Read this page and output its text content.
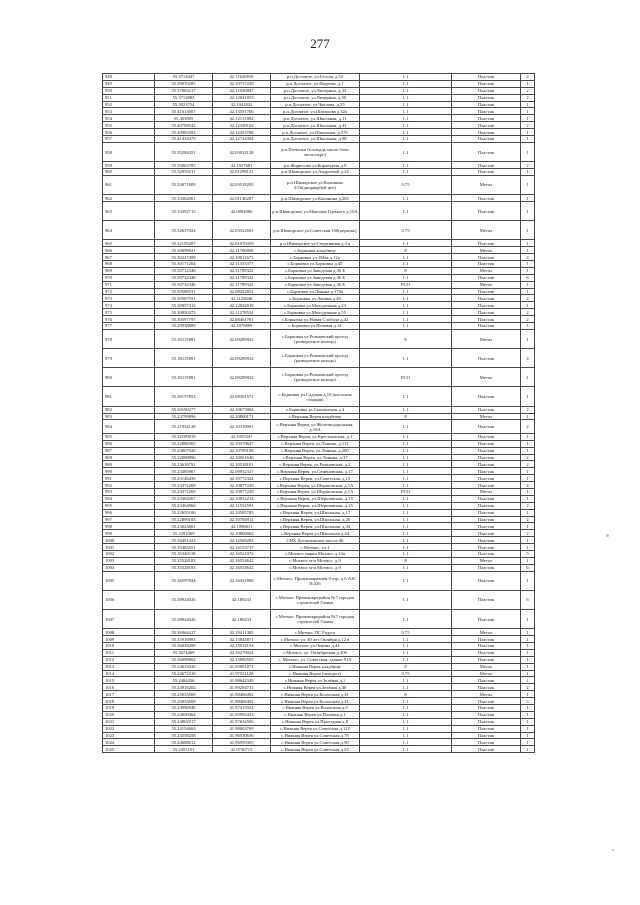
277
948	55.3714447	42.11620816	р.п.Досчатое, ул.Гоголя, д.52	1.1	Пластик	2
949	55.39070285	42.10737228	р.п.Досчатое, ул.Фадеева, д.1	1.1	Пластик	1
950	55.37063217	42.11930847	р.п.Досчатое, ул.Чичерина, д.33	1.1	Пластик	2
951	55.3712883	42.12041853	р.п.Досчатое, ул.Чичерина, д.50	1.1	Пластик	2
952	55.3923754	42.1041832	р.п.Досчатое, ул.Чкалова, д.25	1.1	Пластик	1
953	55.41613007	42.13591766	р.п.Досчатое, ул.Шатилова д.32а	1.1	Пластик	1
954	55.403905	42.12131882	р.п.Досчатое, ул.Школьная, д.11	1.1	Пластик	1
955	55.40708542	42.12329102	р.п.Досчатое, ул.Школьная, д.41	1.1	Пластик	2
956	55.40983582	42.12453788	р.п.Досчатое, ул.Школьная, д.57б	1.1	Пластик	1
957	55.41434479	42.12724304	р.п.Досчатое, ул.Школьная, д.98	1.1	Пластик	1
958	55.35284451	42.03032128	р.п.Потючки (площадь около базы металлург)	1.1	Пластик	1
959	55.35063785	42.1927681	р.п.Фирюсова ул.Коржидова д.8	1.1	Пластик	2
960	55.32950211	42.01298141	р.п.Шиморское ул.Андреевой д.24	1.1	Пластик	1
961	55.33071809	42.03518295	р.п.Шиморское ул.Калинина 2/16(дворкорбуй цех)	0.75	Метал	1
962	55.33362061	42.01146207	р.п.Шиморское ул.Калинина д.20б	1.1	Пластик	1
963	55.33392715	42.0094986	р.п.Шиморское ул.Максима Горького д.10А	1.1	Пластик	1
964	55.32637024	42.03322601	р.п.Шиморское ул.Советская 100(церковь)	0.75	Метал	1
965	55.32195287	42.01070359	р.п.Шиморское ул.Спортивная д.3 а	1.1	Пластик	1
966	55.30699921	42.11700058	с.Борковка кладбище	8	Метал	1
967	55.30247498	42.10011673	с.Борковка ул.1Мая д.12а	1.1	Пластик	4
968	55.30171204	42.11333377	с.Борковка ул.Борковка д.45	1.1	Пластик	1
969	55.30732346	42.11789322	с.Борковка ул.Заводская д.36 Б	8	Метал	1
970	55.30732346	42.11789322	с.Борковка ул.Заводская д.36 Б	1.1	Пластик	6
971	55.30732346	42.11789322	с.Борковка ул.Заводская д.36 Б	РСО	Метал	1
972	55.30588531	42.08422852	с.Борковка ул.Ленина д.170а	1.1	Пластик	1
973	55.30567551	42.1123848	с.Борковка ул.Ленина д.20	1.1	Пластик	2
974	55.30957413	42.12022018	с.Борковка ул.Молодежная д.23	1.1	Пластик	1
975	55.30850375	42.11278534	с.Борковка ул.Молодежная д.55	1.1	Пластик	2
976	55.30597797	42.08461761	с.Борковка ул.Новая Слобода д.42	1.1	Пластик	2
977	55.29938889	42.1076889	с.Борковка ул.Полевая д.14	1.1	Пластик	1
978	55.30115891	42.09289932	с.Борковка ул.Рожновский проезд (разворотное кольцо)	8	Метал	1
979	55.30115891	42.09289932	с.Борковка ул.Рожновский проезд (разворотное кольцо)	1.1	Пластик	4
980	55.30115891	42.09289932	с.Борковка ул.Рожновский проезд (разворотное кольцо)	РСО	Метал	1
981	55.30157852	42.08391571	с.Борковка ул.Садовая д.10 (насосная станция)	1.1	Пластик	1
982	55.30190277	42.10673904	с.Борковка ул.Смоленская д.4	1.1	Пластик	2
983	55.23799896	42.10800171	с.Верхняя Верея кладбище	8	Метал	1
984	55.21934128	42.10319901	с.Верхняя Верея, ул.Железнодорожная, д.10А	1.1	Пластик	2
985	55.22189019	42.1055347	с.Верхняя Верея, ул.Крестьянская, д.1	1.1	Пластик	1
986	55.22886565	42.10378647	с.Верхняя Верея, ул.Ленина, д.112	1.1	Пластик	1
987	55.23807926	42.10789108	с.Верхняя Верея, ул.Ленина, д.200	1.1	Пластик	1
988	55.22008896	42.10061646	с.Верхняя Верея, ул.Ленина, д.37	1.1	Пластик	2
989	55.23616791	42.10518101	с.Верхняя Верея, ул.Рожновская, д.2	1.1	Пластик	2
990	55.23485967	42.09932327	с.Верхняя Верея, ул.Семёновская, д.17	1.1	Пластик	1
991	55.23146439	42.10772324	с.Верхняя Верея, ул.Советская, д.15	1.1	Пластик	1
992	55.23372269	42.10877228	с.Верхняя Верея, ул.Шершовская, д.1А	1.1	Пластик	4
993	55.23372269	42.10877228	с.Верхняя Верея, ул.Шершовская, д.1А	РСО	Метал	1
994	55.23304367	42.10832214	с.Верхняя Верея, ул.Шершовская, д.15	1.1	Пластик	1
995	55.23464966	42.11552593	с.Верхняя Верея, ул.Шершовская, д.25	1.1	Пластик	2
996	55.22655106	42.10585785	с.Верхняя Верея, ул.Школьная, д.17	1.1	Пластик	1
997	55.22899183	42.10784912	с.Верхняя Верея, ул.Школьная, д.26	1.1	Пластик	2
998	55.23023661	42.1096611	с.Верхняя Верея, ул.Школьная, д.34	1.1	Пластик	1
999	55.2291069	42.10860062	с.Верхняя Верея ул.Школьная д.44	1.1	Пластик	2
1000	55.36491422	42.12568283	СНХ Досчатинское шоссе 46	1.1	Пластик	1
1001	55.35483551	42.16153717	с.Мотмос, ул.1	1.1	Пластик	1
1002	55.35340118	42.16521072	с.Мотмос марки Мотмос д.14а	1.1	Пластик	5
1003	55.35528183	42.16554642	с.Мотмос м-н Мотмос, д.9	8	Метал	1
1004	55.35528183	42.16554642	с.Мотмос м-н Мотмос, д.9	1.1	Пластик	6
1005	55.36597824	42.16431808	с.Мотмос, Промзнаправлён 9 отр. д.6 АЗС №326	1.1	Пластик	1
1006	55.38924026	42.180233	с.Мотмос Проммикрорайон №7 городок строителей Гамма	1.1	Пластик	6
1007	55.38924026	42.180233	с.Мотмос Проммикрорайон №7 городок строителей Гамма	1.1	Пластик	1
1008	55.36964417	42.19411365	с.Мотмос ПС Радуга	0.75	Метал	1
1009	55.35916993	42.15845871	с.Мотмос ул. 40 лет Октября д.12 в	1.1	Пластик	1
1010	55.36038208	42.15014154	с.Мотмос ул.Ленина д.44	1.1	Пластик	1
1011	55.3674469	42.16279024	с.Мотмос, ул. Октябрьская д.20б	1.1	Пластик	1
1012	55.36098862	42.15880585	с. Мотмос, ул. Советская, здание 91А	1.1	Пластик	1
1013	55.24633026	41.95901871	с.Нижняя Верея кладбище	8	Метал	1
1014	55.24672318	41.97531128	с.Нижняя Верея (поворот)	0.75	Метал	1
1015	55.2484436	41.98642349	с.Нижняя Верея ул.Зелёная д.1	1.1	Пластик	1
1016	55.24918202	41.99294731	с.Нижняя Верея ул.Зелёная д.30	1.1	Пластик	2
1017	55.25033569	41.98466492	с.Нижняя Верея ул.Колхозная д.41	8	Метал	1
1018	55.25033569	41.98466492	с.Нижняя Верея ул.Колхозная д.41	1.1	Пластик	3
1019	55.24996948	41.97415924	с.Нижняя Верея ул.Колхозная д.9	1.1	Пластик	1
1020	55.24850464	41.95993423	с.Нижняя Верея ул.Полевая д.1	1.1	Пластик	1
1021	55.24802017	41.97634506	с.Нижняя Верея ул.Проездная д.8	1.1	Пластик	1
1022	55.24154663	41.98003769	с.Нижняя Верея ул.Советская д.112	1.1	Пластик	1
1023	55.24558258	41.96530636	с.Нижняя Верея ул.Советская д.78	1.1	Пластик	1
1024	55.24608612	41.96959305	с.Нижняя Верея ул.Советская д.90	1.1	Пластик	1
1025	55.2455101	41.9740715	с.Нижняя Верея ул.Советская д.53	1.1	Пластик	1
